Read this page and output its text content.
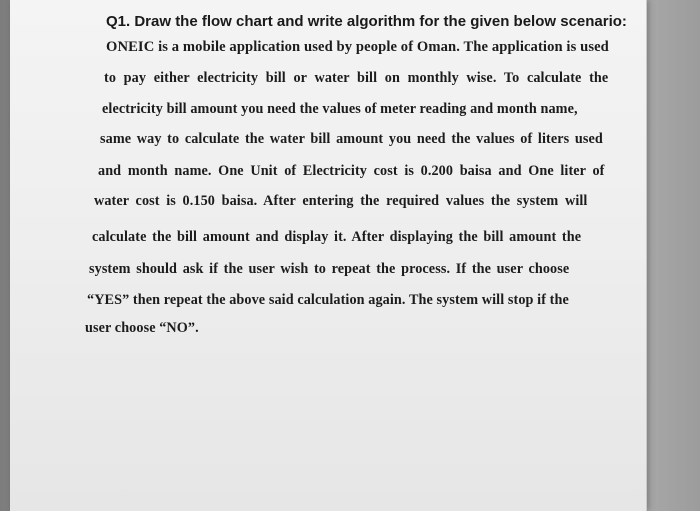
Q1. Draw the flow chart and write algorithm for the given below scenario:
ONEIC is a mobile application used by people of Oman. The application is used
to pay either electricity bill or water bill on monthly wise. To calculate the
electricity bill amount you need the values of meter reading and month name,
same way to calculate the water bill amount you need the values of liters used
and month name. One Unit of Electricity cost is 0.200 baisa and One liter of
water cost is 0.150 baisa. After entering the required values the system will
calculate the bill amount and display it. After displaying the bill amount the
system should ask if the user wish to repeat the process. If the user choose
“YES” then repeat the above said calculation again. The system will stop if the
user choose “NO”.
